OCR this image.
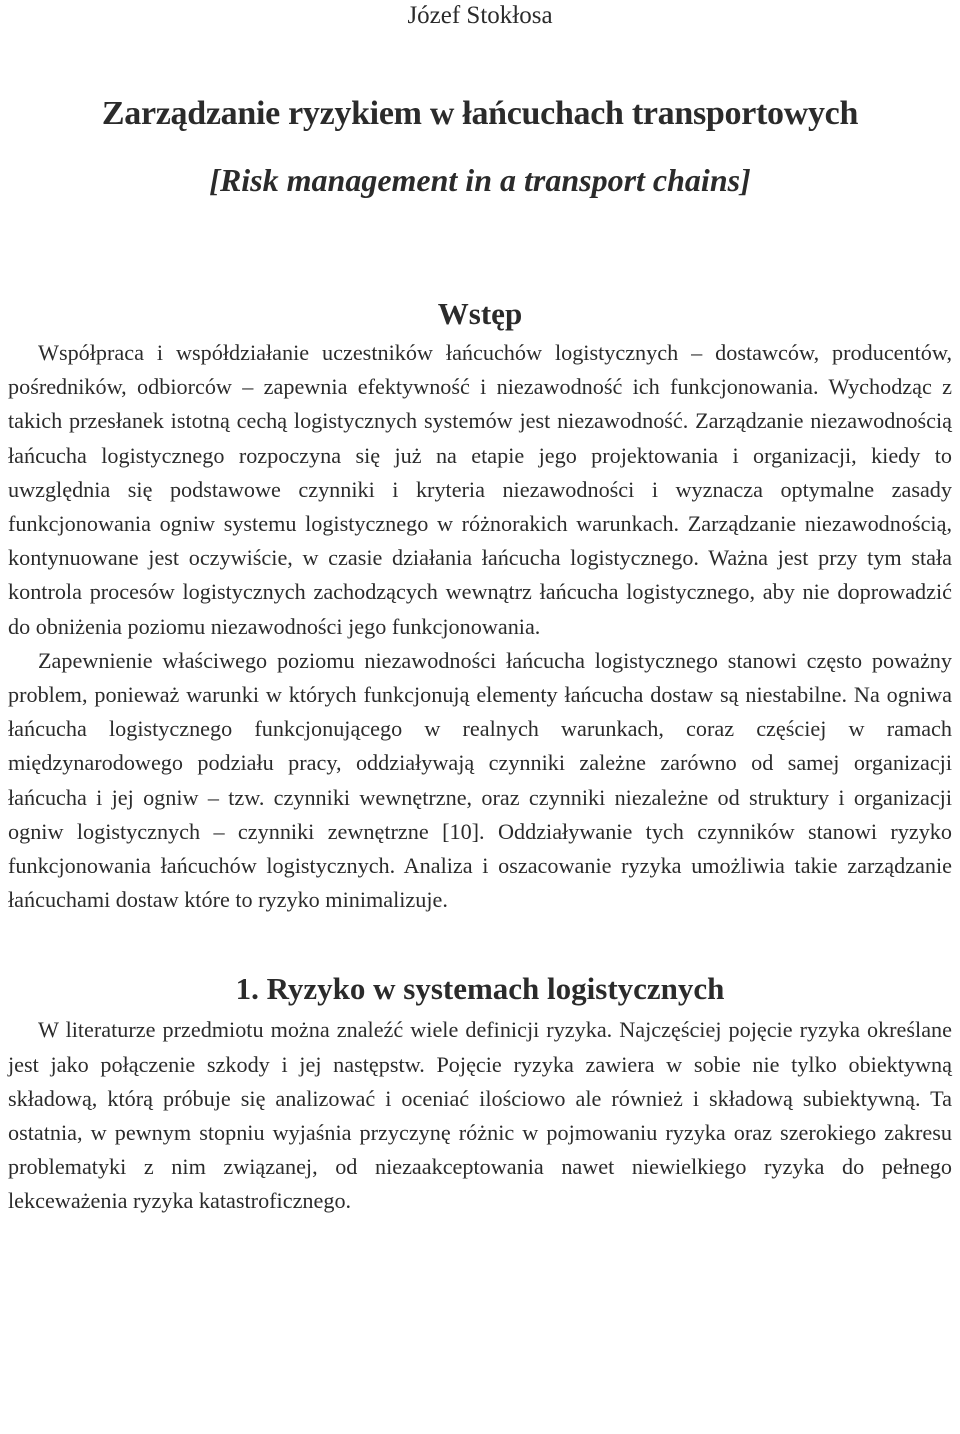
Józef Stokłosa

Zarządzanie ryzykiem w łańcuchach transportowych
[Risk management in a transport chains]
Wstęp

Współpraca i współdziałanie uczestników łańcuchów logistycznych – dostawców, producentów, pośredników, odbiorców – zapewnia efektywność i niezawodność ich funkcjonowania. Wychodząc z takich przesłanek istotną cechą logistycznych systemów jest niezawodność. Zarządzanie niezawodnością łańcucha logistycznego rozpoczyna się już na etapie jego projektowania i organizacji, kiedy to uwzględnia się podstawowe czynniki i kryteria niezawodności i wyznacza optymalne zasady funkcjonowania ogniw systemu logistycznego w różnorakich warunkach. Zarządzanie niezawodnością, kontynuowane jest oczywiście, w czasie działania łańcucha logistycznego. Ważna jest przy tym stała kontrola procesów logistycznych zachodzących wewnątrz łańcucha logistycznego, aby nie doprowadzić do obniżenia poziomu niezawodności jego funkcjonowania.

Zapewnienie właściwego poziomu niezawodności łańcucha logistycznego stanowi często poważny problem, ponieważ warunki w których funkcjonują elementy łańcucha dostaw są niestabilne. Na ogniwa łańcucha logistycznego funkcjonującego w realnych warunkach, coraz częściej w ramach międzynarodowego podziału pracy, oddziaływają czynniki zależne zarówno od samej organizacji łańcucha i jej ogniw – tzw. czynniki wewnętrzne, oraz czynniki niezależne od struktury i organizacji ogniw logistycznych – czynniki zewnętrzne [10]. Oddziaływanie tych czynników stanowi ryzyko funkcjonowania łańcuchów logistycznych. Analiza i oszacowanie ryzyka umożliwia takie zarządzanie łańcuchami dostaw które to ryzyko minimalizuje.

1. Ryzyko w systemach logistycznych

W literaturze przedmiotu można znaleźć wiele definicji ryzyka. Najczęściej pojęcie ryzyka określane jest jako połączenie szkody i jej następstw. Pojęcie ryzyka zawiera w sobie nie tylko obiektywną składową, którą próbuje się analizować i oceniać ilościowo ale również i składową subiektywną. Ta ostatnia, w pewnym stopniu wyjaśnia przyczynę różnic w pojmowaniu ryzyka oraz szerokiego zakresu problematyki z nim związanej, od niezaakceptowania nawet niewielkiego ryzyka do pełnego lekceważenia ryzyka katastroficznego.
